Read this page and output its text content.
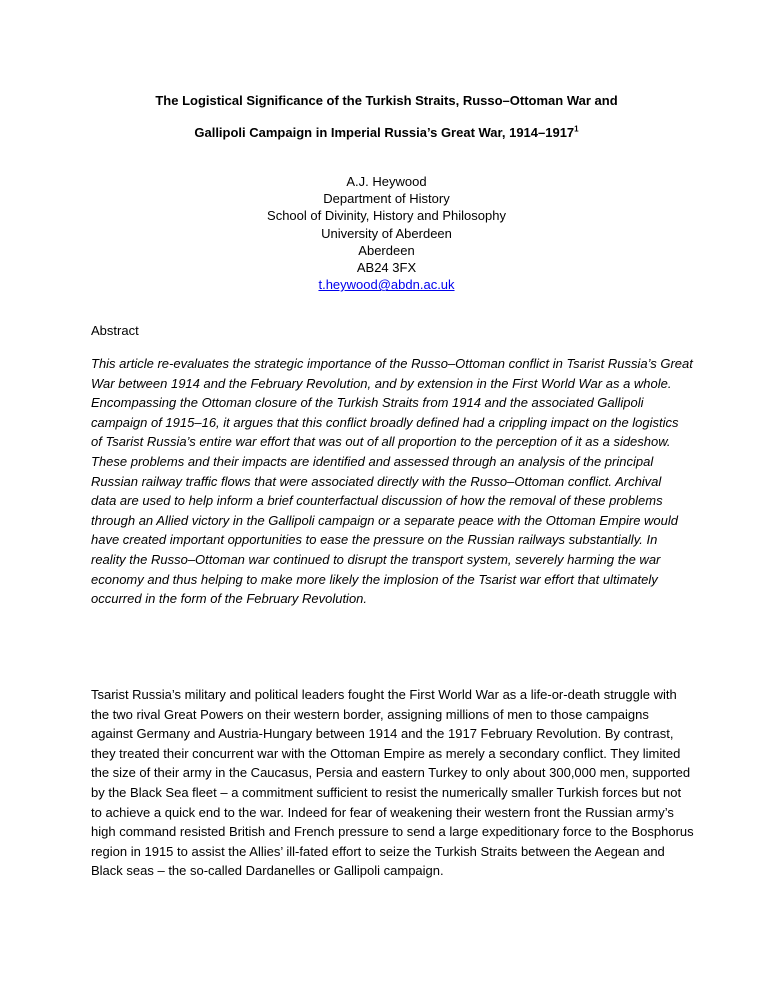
The Logistical Significance of the Turkish Straits, Russo–Ottoman War and
Gallipoli Campaign in Imperial Russia’s Great War, 1914–1917$^1$
A.J. Heywood
Department of History
School of Divinity, History and Philosophy
University of Aberdeen
Aberdeen
AB24 3FX
t.heywood@abdn.ac.uk
Abstract
This article re-evaluates the strategic importance of the Russo–Ottoman conflict in Tsarist Russia’s Great
War between 1914 and the February Revolution, and by extension in the First World War as a whole.
Encompassing the Ottoman closure of the Turkish Straits from 1914 and the associated Gallipoli
campaign of 1915–16, it argues that this conflict broadly defined had a crippling impact on the logistics
of Tsarist Russia’s entire war effort that was out of all proportion to the perception of it as a sideshow.
These problems and their impacts are identified and assessed through an analysis of the principal
Russian railway traffic flows that were associated directly with the Russo–Ottoman conflict. Archival
data are used to help inform a brief counterfactual discussion of how the removal of these problems
through an Allied victory in the Gallipoli campaign or a separate peace with the Ottoman Empire would
have created important opportunities to ease the pressure on the Russian railways substantially. In
reality the Russo–Ottoman war continued to disrupt the transport system, severely harming the war
economy and thus helping to make more likely the implosion of the Tsarist war effort that ultimately
occurred in the form of the February Revolution.
Tsarist Russia’s military and political leaders fought the First World War as a life-or-death struggle with
the two rival Great Powers on their western border, assigning millions of men to those campaigns
against Germany and Austria-Hungary between 1914 and the 1917 February Revolution. By contrast,
they treated their concurrent war with the Ottoman Empire as merely a secondary conflict. They limited
the size of their army in the Caucasus, Persia and eastern Turkey to only about 300,000 men, supported
by the Black Sea fleet – a commitment sufficient to resist the numerically smaller Turkish forces but not
to achieve a quick end to the war. Indeed for fear of weakening their western front the Russian army’s
high command resisted British and French pressure to send a large expeditionary force to the Bosphorus
region in 1915 to assist the Allies’ ill-fated effort to seize the Turkish Straits between the Aegean and
Black seas – the so-called Dardanelles or Gallipoli campaign.
